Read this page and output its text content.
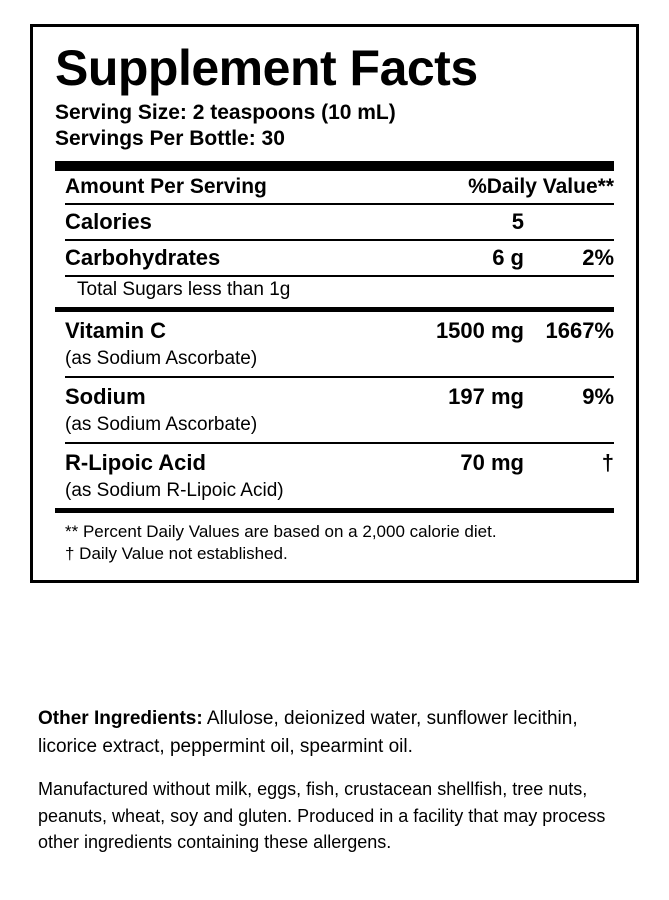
Supplement Facts
Serving Size: 2 teaspoons (10 mL)
Servings Per Bottle: 30
Amount Per Serving	%Daily Value**
Calories	5
Carbohydrates	6 g	2%
Total Sugars less than 1g
Vitamin C	1500 mg 1667%
(as Sodium Ascorbate)
Sodium	197 mg	9%
(as Sodium Ascorbate)
R-Lipoic Acid	70 mg	†
(as Sodium R-Lipoic Acid)
** Percent Daily Values are based on a 2,000 calorie diet.
† Daily Value not established.
Other Ingredients: Allulose, deionized water, sunflower lecithin, licorice extract, peppermint oil, spearmint oil.
Manufactured without milk, eggs, fish, crustacean shellfish, tree nuts, peanuts, wheat, soy and gluten. Produced in a facility that may process other ingredients containing these allergens.
